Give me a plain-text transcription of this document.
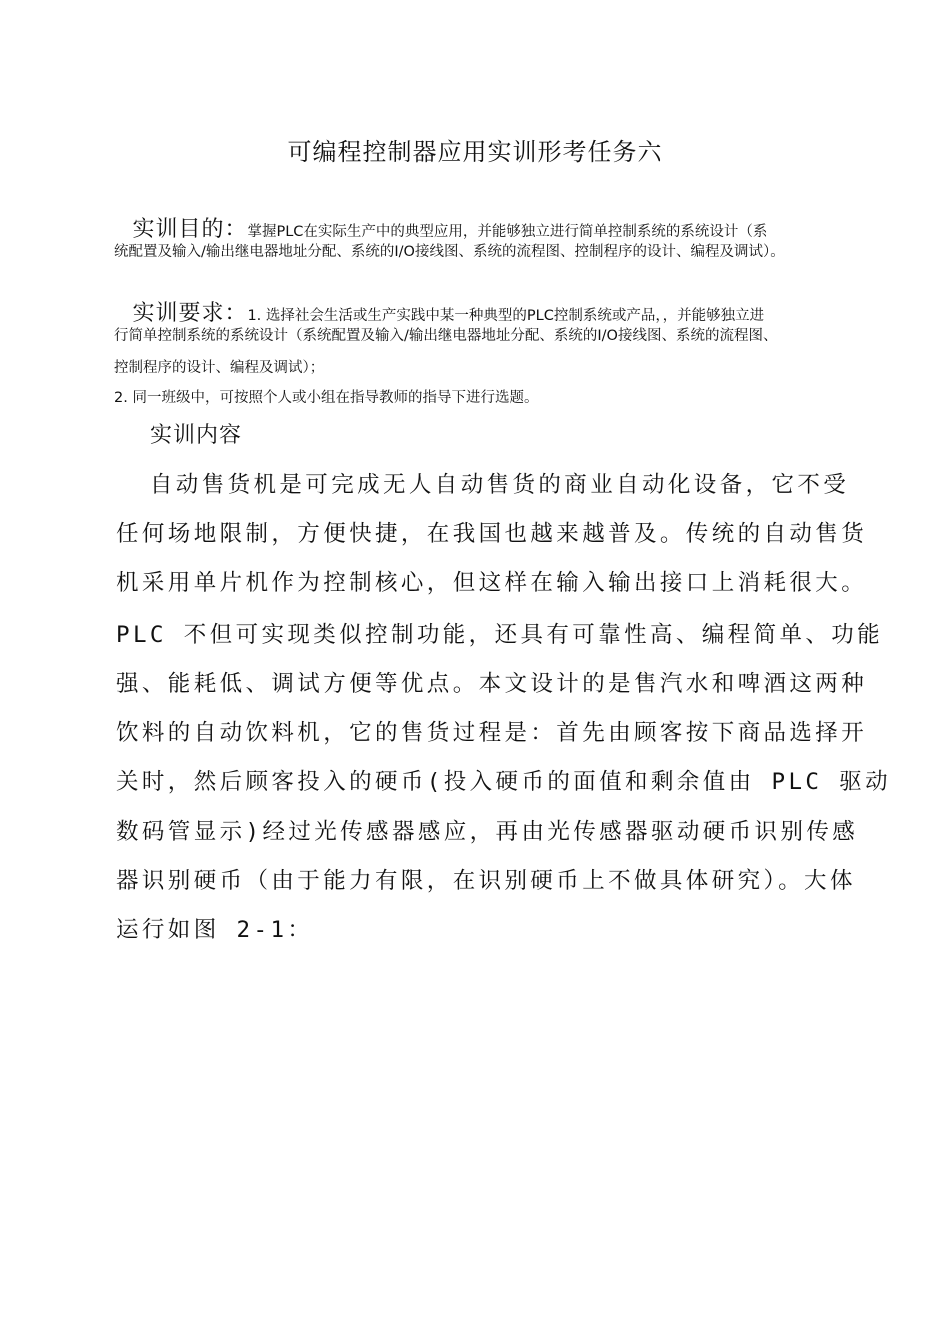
可编程控制器应用实训形考任务六

实训目的：掌握PLC在实际生产中的典型应用，并能够独立进行简单控制系统的系统设计（系

统配置及输入/输出继电器地址分配、系统的I/O接线图、系统的流程图、控制程序的设计、编程及调试）。

实训要求：1. 选择社会生活或生产实践中某一种典型的PLC控制系统或产品，，并能够独立进

行简单控制系统的系统设计（系统配置及输入/输出继电器地址分配、系统的I/O接线图、系统的流程图、
控制程序的设计、编程及调试）；
2. 同一班级中，可按照个人或小组在指导教师的指导下进行选题。
实训内容
自动售货机是可完成无人自动售货的商业自动化设备，它不受
任何场地限制，方便快捷，在我国也越来越普及。传统的自动售货
机采用单片机作为控制核心，但这样在输入输出接口上消耗很大。
PLC 不但可实现类似控制功能，还具有可靠性高、编程简单、功能
强、能耗低、调试方便等优点。本文设计的是售汽水和啤酒这两种
饮料的自动饮料机，它的售货过程是：首先由顾客按下商品选择开
关时，然后顾客投入的硬币(投入硬币的面值和剩余值由 PLC 驱动
数码管显示)经过光传感器感应，再由光传感器驱动硬币识别传感
器识别硬币（由于能力有限，在识别硬币上不做具体研究）。大体
运行如图 2-1：
